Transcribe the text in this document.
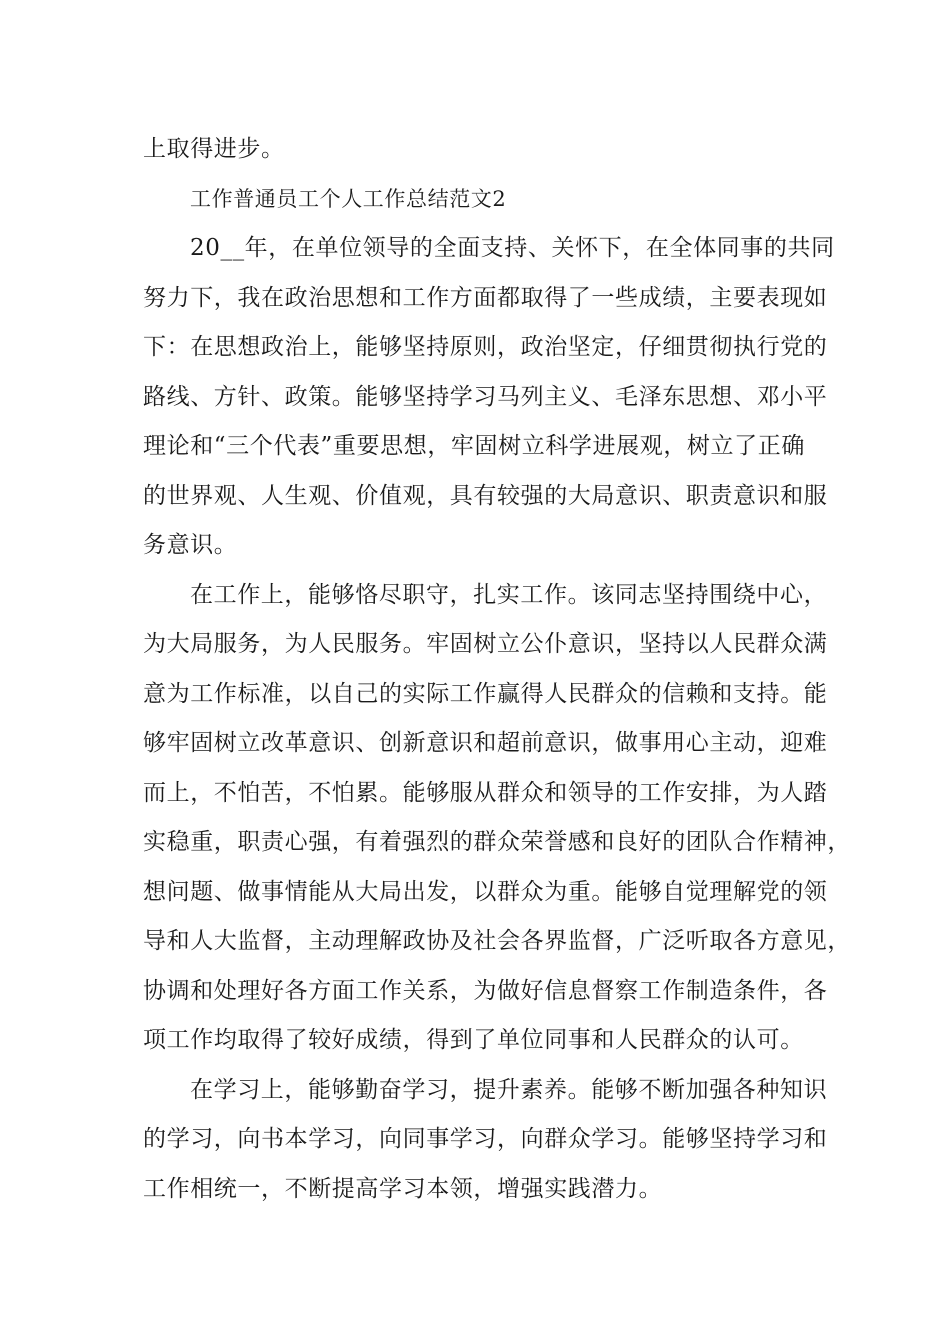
上取得进步。
工作普通员工个人工作总结范文2
20__年，在单位领导的全面支持、关怀下，在全体同事的共同
努力下，我在政治思想和工作方面都取得了一些成绩，主要表现如
下：在思想政治上，能够坚持原则，政治坚定，仔细贯彻执行党的
路线、方针、政策。能够坚持学习马列主义、毛泽东思想、邓小平
理论和“三个代表”重要思想，牢固树立科学进展观，树立了正确
的世界观、人生观、价值观，具有较强的大局意识、职责意识和服
务意识。
在工作上，能够恪尽职守，扎实工作。该同志坚持围绕中心，
为大局服务，为人民服务。牢固树立公仆意识，坚持以人民群众满
意为工作标准，以自己的实际工作赢得人民群众的信赖和支持。能
够牢固树立改革意识、创新意识和超前意识，做事用心主动，迎难
而上，不怕苦，不怕累。能够服从群众和领导的工作安排，为人踏
实稳重，职责心强，有着强烈的群众荣誉感和良好的团队合作精神，
想问题、做事情能从大局出发，以群众为重。能够自觉理解党的领
导和人大监督，主动理解政协及社会各界监督，广泛听取各方意见，
协调和处理好各方面工作关系，为做好信息督察工作制造条件，各
项工作均取得了较好成绩，得到了单位同事和人民群众的认可。
在学习上，能够勤奋学习，提升素养。能够不断加强各种知识
的学习，向书本学习，向同事学习，向群众学习。能够坚持学习和
工作相统一，不断提高学习本领，增强实践潜力。
